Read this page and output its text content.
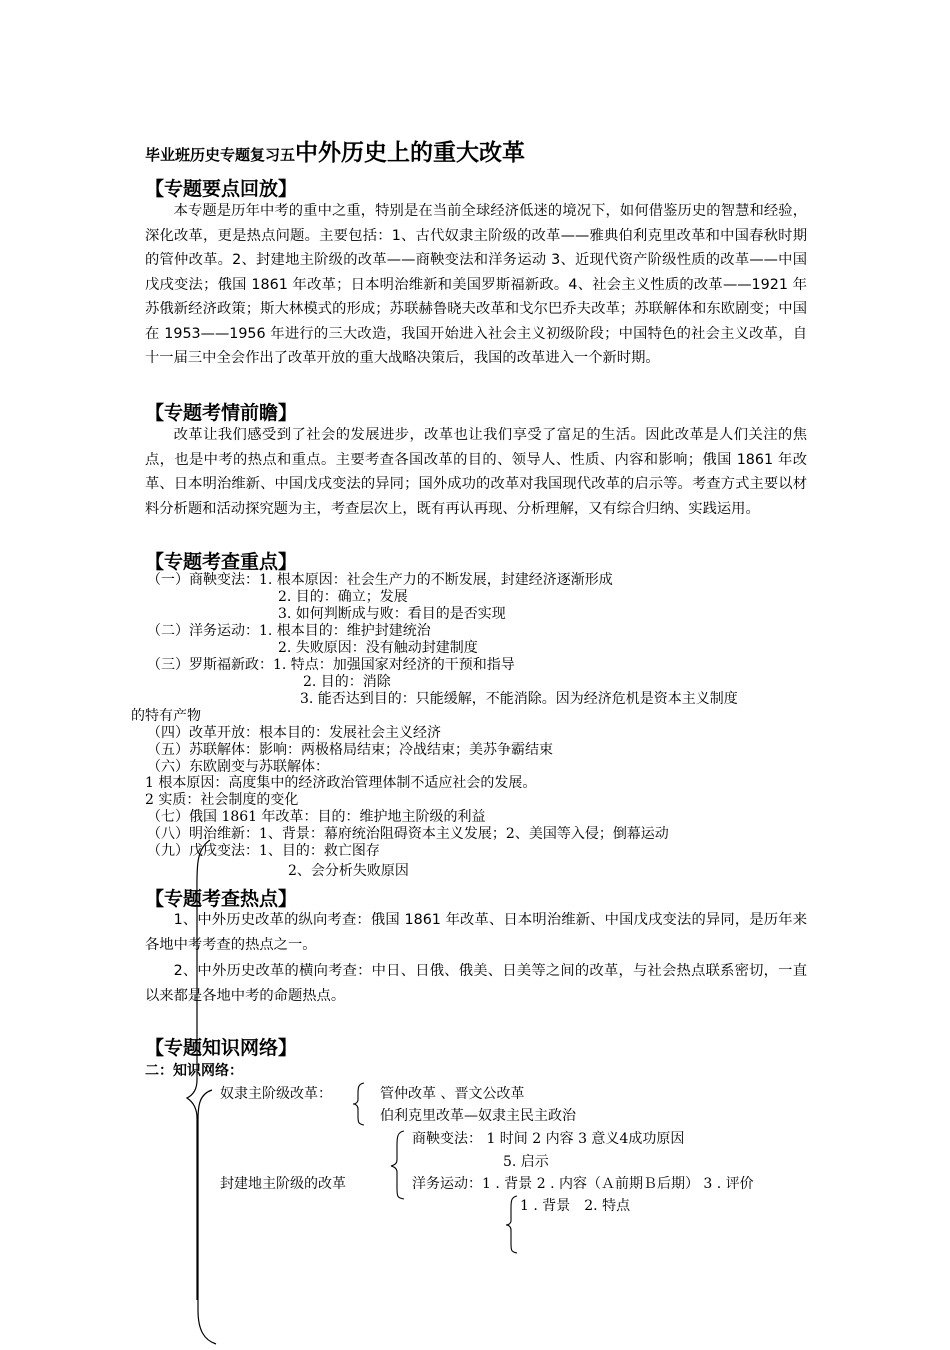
毕业班历史专题复习五中外历史上的重大改革
【专题要点回放】

本专题是历年中考的重中之重，特别是在当前全球经济低迷的境况下，如何借鉴历史的智慧和经验，深化改革，更是热点问题。主要包括：1、古代奴隶主阶级的改革——雅典伯利克里改革和中国春秋时期的管仲改革。2、封建地主阶级的改革——商鞅变法和洋务运动 3、近现代资产阶级性质的改革——中国戊戌变法；俄国 1861 年改革；日本明治维新和美国罗斯福新政。4、社会主义性质的改革——1921 年苏俄新经济政策；斯大林模式的形成；苏联赫鲁晓夫改革和戈尔巴乔夫改革；苏联解体和东欧剧变；中国在 1953——1956 年进行的三大改造，我国开始进入社会主义初级阶段；中国特色的社会主义改革，自十一届三中全会作出了改革开放的重大战略决策后，我国的改革进入一个新时期。

【专题考情前瞻】

改革让我们感受到了社会的发展进步，改革也让我们享受了富足的生活。因此改革是人们关注的焦点，也是中考的热点和重点。主要考查各国改革的目的、领导人、性质、内容和影响；俄国 1861 年改革、日本明治维新、中国戊戌变法的异同；国外成功的改革对我国现代改革的启示等。考查方式主要以材料分析题和活动探究题为主，考查层次上，既有再认再现、分析理解，又有综合归纳、实践运用。

【专题考查重点】
（一）商鞅变法：1. 根本原因：社会生产力的不断发展，封建经济逐渐形成
2. 目的：确立；发展
3. 如何判断成与败：看目的是否实现
（二）洋务运动：1. 根本目的：维护封建统治
2. 失败原因：没有触动封建制度
（三）罗斯福新政：1. 特点：加强国家对经济的干预和指导
2. 目的：消除
3. 能否达到目的：只能缓解，不能消除。因为经济危机是资本主义制度
的特有产物
（四）改革开放：根本目的：发展社会主义经济
（五）苏联解体：影响：两极格局结束；冷战结束；美苏争霸结束
（六）东欧剧变与苏联解体：
1 根本原因：高度集中的经济政治管理体制不适应社会的发展。
2 实质：社会制度的变化
（七）俄国 1861 年改革：目的：维护地主阶级的利益
（八）明治维新：1、背景：幕府统治阻碍资本主义发展；2、美国等入侵；倒幕运动
（九）戊戌变法：1、目的：救亡图存
2、会分析失败原因
【专题考查热点】

1、中外历史改革的纵向考查：俄国 1861 年改革、日本明治维新、中国戊戌变法的异同，是历年来各地中考考查的热点之一。

2、中外历史改革的横向考查：中日、日俄、俄美、日美等之间的改革，与社会热点联系密切，一直以来都是各地中考的命题热点。

【专题知识网络】
二：知识网络：
奴隶主阶级改革：	管仲改革 、晋文公改革
伯利克里改革—奴隶主民主政治
商鞅变法： 1 时间 2 内容 3 意义4成功原因
5. 启示
封建地主阶级的改革	洋务运动：1 . 背景 2 . 内容（Ａ前期Ｂ后期） 3 . 评价
1 . 背景　2. 特点
